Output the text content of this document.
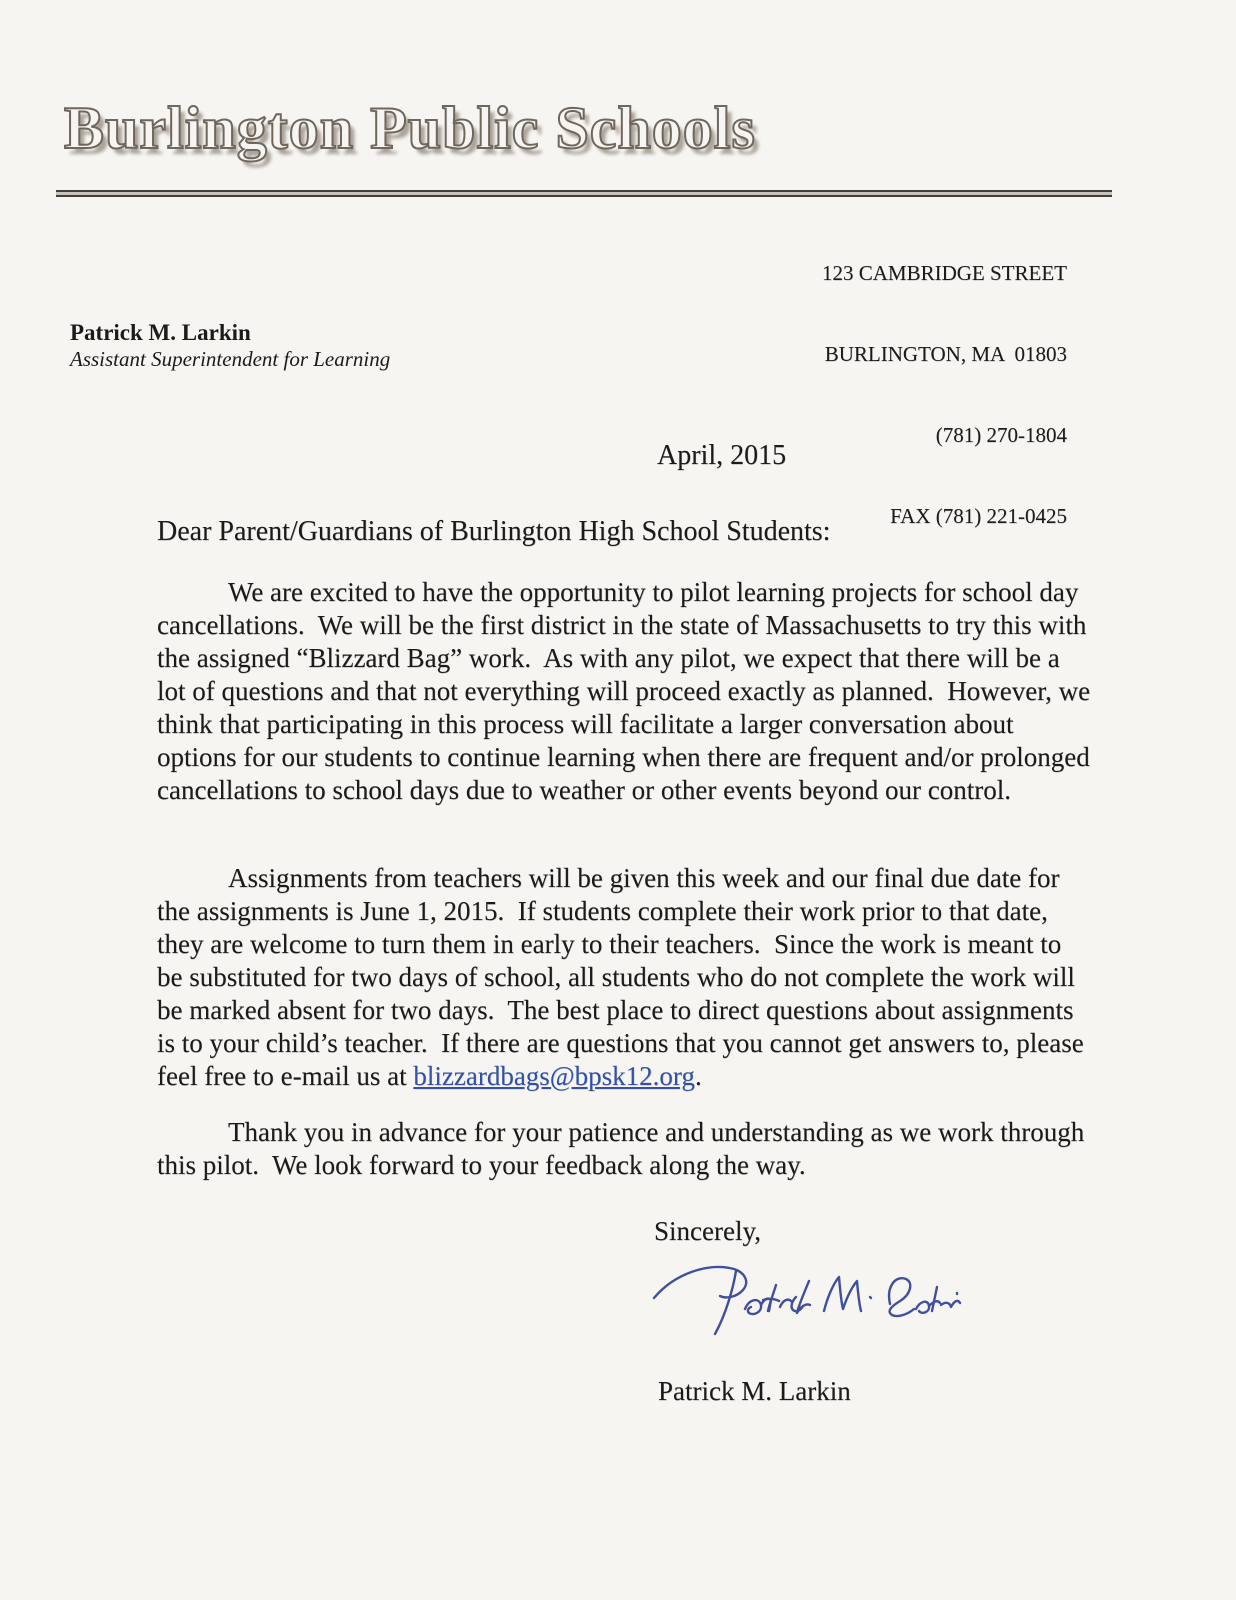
Burlington Public Schools

123 CAMBRIDGE STREET

BURLINGTON, MA  01803

(781) 270-1804

FAX (781) 221-0425

Patrick M. Larkin
Assistant Superintendent for Learning
April, 2015
Dear Parent/Guardians of Burlington High School Students:

We are excited to have the opportunity to pilot learning projects for school day cancellations.  We will be the first district in the state of Massachusetts to try this with the assigned “Blizzard Bag” work.  As with any pilot, we expect that there will be a lot of questions and that not everything will proceed exactly as planned.  However, we think that participating in this process will facilitate a larger conversation about options for our students to continue learning when there are frequent and/or prolonged cancellations to school days due to weather or other events beyond our control.

Assignments from teachers will be given this week and our final due date for the assignments is June 1, 2015.  If students complete their work prior to that date, they are welcome to turn them in early to their teachers.  Since the work is meant to be substituted for two days of school, all students who do not complete the work will be marked absent for two days.  The best place to direct questions about assignments is to your child’s teacher.  If there are questions that you cannot get answers to, please feel free to e-mail us at blizzardbags@bpsk12.org.

Thank you in advance for your patience and understanding as we work through this pilot.  We look forward to your feedback along the way.

Sincerely,
Patrick M. Larkin
